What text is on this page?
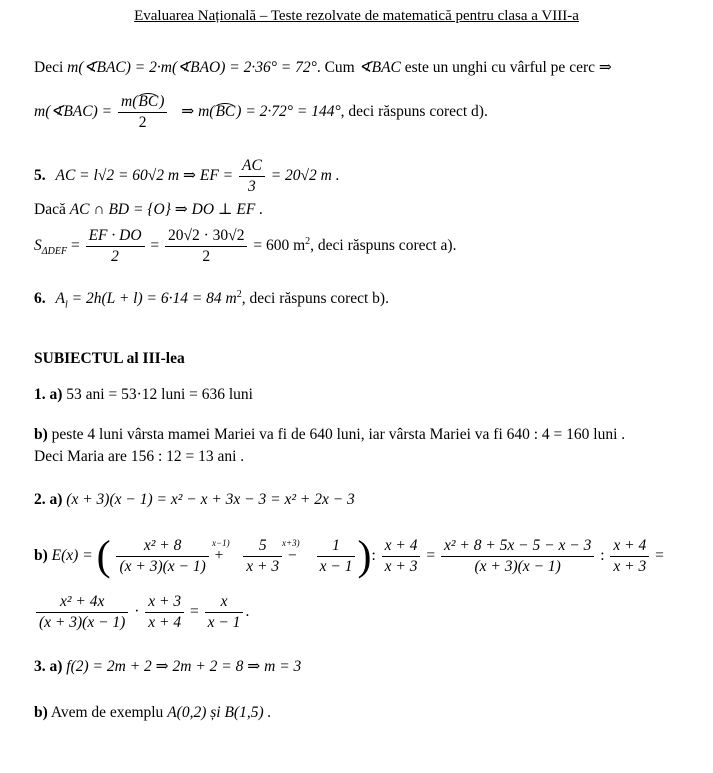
Evaluarea Națională – Teste rezolvate de matematică pentru clasa a VIII-a
Deci m(∢BAC) = 2·m(∢BAO) = 2·36° = 72°. Cum ∢BAC este un unghi cu vârful pe cerc ⇒
m(∢BAC) = $\frac{m(BC)}{2}$ ⇒ m(BC) = 2·72° = 144°, deci răspuns corect d).
5. AC = l√2 = 60√2 m ⇒ EF = $\frac{AC}{3} = 20√2$ m .
Dacă AC ∩ BD = {O} ⇒ DO ⊥ EF .
$S_{\Delta DEF} = \frac{EF \cdot DO}{2} = \frac{20√2 \cdot 30√2}{2} = 600$ $m^2$, deci răspuns corect a).
6. $A_l = 2h(L + l) = 6\cdot 14 = 84$ $m^2$, deci răspuns corect b).
SUBIECTUL al III-lea
1. a) 53 ani = 53·12 luni = 636 luni
b) peste 4 luni vârsta mamei Mariei va fi de 640 luni, iar vârsta Mariei va fi 640 : 4 = 160 luni .
Deci Maria are 156 : 12 = 13 ani .
2. a) (x + 3)(x − 1) = x² − x + 3x − 3 = x² + 2x − 3
b) E(x) = ( $\frac{\text{x² + 8}}{(x + 3)(x - 1)} + \frac{5}{x + 3} - \frac{1}{x - 1}$ ): $\frac{x + 4}{x + 3} = \frac{\text{x² + 8 + 5x − 5 − x − 3}}{(x + 3)(x - 1)}$ : $\frac{x + 4}{x + 3}$ =
x−1)	x+3)
$\frac{\text{x² + 4x}}{(x + 3)(x - 1)} \cdot \frac{x + 3}{x + 4} = \frac{x}{x - 1}$ .
3. a) f(2) = 2m + 2 ⇒ 2m + 2 = 8 ⇒ m = 3
b) Avem de exemplu A(0,2) și B(1,5) .
